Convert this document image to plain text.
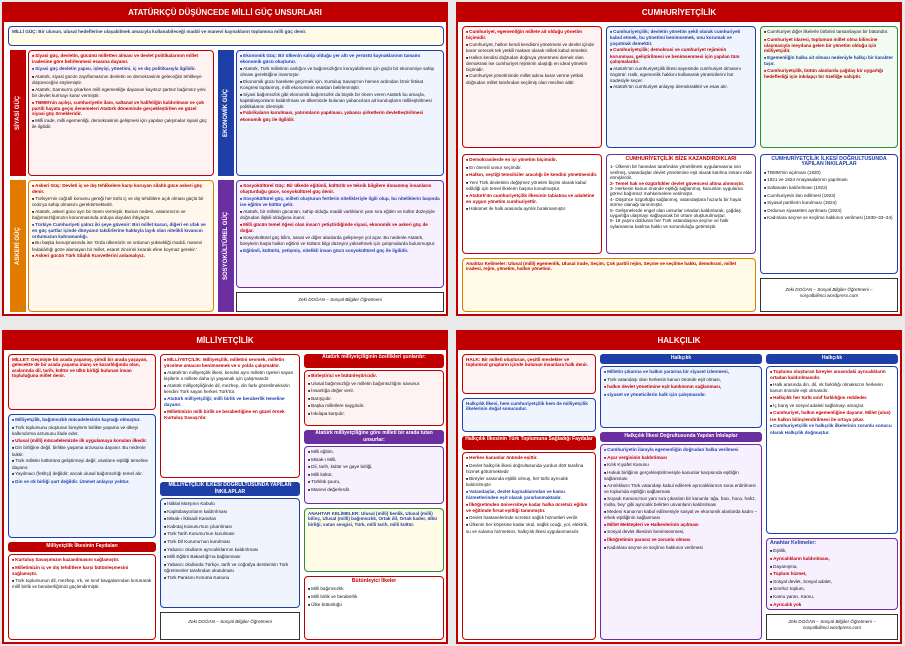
ATATÜRKÇÜ DÜŞÜNCEDE MİLLİ GÜÇ UNSURLARI
MİLLİ GÜÇ: Bir ulusun, ulusal hedeflerine ulaşabilmek amacıyla kullanabileceği maddi ve manevi kaynakların toplamına milli güç denir.
SİYASİ GÜÇ
■ Siyasi güç, devletin, gücünü milletten alması ve devlet politikalarının millet iradesine göre belirlenmesi esasına dayanır.
■ Siyasi güç devletin yapısı, işleyişi, yönetimi, iç ve dış politikasıyla ilgilidir.
■ Atatürk, siyasi gücün zayıflamasının devletin ve demokrasinin geleceğini tehlikeye düşüreceğini söylemiştir.
■ Atatürk, Samsun'a çıkarken milli egemenliğe dayanan kayıtsız şartsız bağımsız yeni bir devlet kurmayı karar vermiştir.
■ TBMM'nin açılışı, cumhuriyetin ilanı, saltanat ve halifeliğin kaldırılması ve çok partili hayata geçiş denemeleri Atatürk döneminde gerçekleştirilen en güzel siyasi güç örnekleridir.
■ Milli irade, milli egemenliği, demokrasinin gelişmesi için yapılan çalışmalar siyasi güç ile ilgilidir.	EKONOMİK GÜÇ
■ Ekonomik Güç: Bir ülkenin sahip olduğu yer altı ve yerüstü kaynaklarının tamamı ekonomik gücü oluşturur.
■ Atatürk, Türk milletinin varlığını ve bağımsızlığını koruyabilmesi için güçlü bir ekonomiye sahip olması gerektiğine inanmıştır.
■ Ekonomik gücü harekete geçirmek için, Kurtuluş Savaşı'nın hemen ardından İzmir İktisat Kongresi toplanmış, milli ekonominin esasları belirlenmiştir.
■ Siyasi bağımsızlık gibi ekonomik bağımsızlık da büyük bir önem veren Atatürk bu amaçla, kapitülasyonların kaldırılması ve ülkemizde bulunan yabancılara ait kuruluşların millileştirilmesi politikalarını izlemiştir.
■ Fabrikaların kurulması, yatırımların yapılması, yabancı şirketlerin devletleştirilmesi ekonomik güç ile ilgilidir.
ASKERİ GÜÇ
■ Askeri Güç: Devleti iç ve dış tehlikelere karşı koruyan silahlı güce askeri güç denir.
■ Türkiye'nin coğrafi konumu gereği her türlü iç ve dış tehditlere açık olması güçlü bir ordu'ya sahip olmasını gerektirmektedir.
■ Atatürk, askeri güce ayrı bir önem vermiştir. Bunun nedeni, vatanımızın ve bağımsızlığımızın korunmasında orduya duyulan ihtiyaçtır.
■ Türkiye Cumhuriyeti yalnız iki şeye güvenir: Biri millet kararı, diğeri en ufak ve en güç şartlar içinde dünyanın takdirlerine hakkıyla layık olan nitelikli kıvancın ordumuzun kahramanlığı.
■ Bu başka konuşmasında ise 'Orda ülkemizin ve ordunun yüksekliği maddi, manevi fedakârlığı göze alamayan bir millet, esaret zincirini kırarak eline koymaz gerekir.'
■ Askeri gücün Türk Silahlı Kuvvetlerini anlamalıyız.	SOSYOKÜLTÜREL GÜÇ
■ Sosyokültürel Güç: Bir ülkede eğitimli, kültürlü ve teknik bilgilere donanmış insanların oluşturduğu güce, sosyokültürel güç denir.
■ Sosyokültürel güç, milleti oluşturan fertlerin nitelikleriyle ilgili olup, bu niteliklerin başında ise eğitim ve kültür gelir.
■ Atatürk, bir milletin gücünün, sahip olduğu maddi varlıkların yanı sıra eğitim ve kültür düzeyiyle doğrudan ilişkili olduğuna inanır.
■ Milli gücün temel öğesi olan insan'ı yetiştirdiğinde siyasi, ekonomik ve askeri güç de doğar.
■ Sosyokültürel güç bilim, sanat ve diğer alanlarda gelişmeye yol açar. Bu nedenle Atatürk, bireylerin başta halkın eğitimi ve kültürü bilgi düzeyini yükseltmek için çalışmalarda bulunmuştur.
■ Eğitimli, kültürlü, yetişmiş, nitelikli insan gücü sosyokültürel güç ile ilgilidir.
Zeki DOĞAN – Sosyal Bilgiler Öğretmeni
CUMHURİYETÇİLİK
■ Cumhuriyet, egemenliğin millete ait olduğu yönetim biçimidir.
■ Cumhuriyet, halkın kendi kendisini yönetmesi ve devlet içinde karar verecek tek yetkili makam olarak milleti kabul etmektir.
■ Halkın kendisi doğrudan doğruya yönetmesi demek olan demokrasi ise cumhuriyet rejiminin ulaştığı en ideal yönetim biçimidir.
■ Cumhuriyet yönetiminde millet adına karar verme yetkisi doğrudan millet tarafından seçilmiş olan meclise aittir.
■ Cumhuriyetçilik; devletin yönetim şekli olarak cumhuriyeti kabul etmek, bu yönetimi benimsemek, onu korumak ve yaşatmak demektir.
■ Cumhuriyetçilik; demokrasi ve cumhuriyet rejiminin korunması, geliştirilmesi ve benimsenmesi için yapılan tüm çalışmalardır.
■ Atatürk'ün cumhuriyetçilik ilkesi sayesinde cumhuriyet olmasını öngörür. Halk, egemenlik hakkını kullanarak yöneticilerini hür iradesiyle seçer.
■ Atatürk'ün cumhuriyet anlayışı demokratiktir ve esas alır.
■ Cumhuriyet diğer ilkelerle birbirini tamamlayan bir bütündür.
■ Cumhuriyet idaresi, toplumun millet olma bilincine ulaşmasıyla meydana gelen bir yönetim olduğu için milliyetçidir.
■ Egemenliğin halka ait olması nedeniyle halkçı bir karakter taşır.
■ Cumhuriyetçilik, bütün alanlarda çağdaş bir uygarlığı hedeflediği için inkılapçı bir özelliğe sahiptir.
■ Demokrasilerde en iyi yönetim biçimidir.
■ En önemli unsur seçimdir.
■ Halkın, seçtiği temsilciler aracılığı ile kendini yönetmesidir.
■ Yeni Türk devletinin değişmez yönetim biçimi olarak kabul edildiği için temel ilkelerin başına konulmuştur.
■ Atatürk'ün cumhuriyetçilik ilkesinin tabiatına ve adaletine en uygun yönetim cumhuriyettir.
■ Hükümet ile halk arasında ayrılık bırakmamıştır.
CUMHURİYETÇİLİK BİZE KAZANDIRDIKLARI
1- Ülkenin bir hanedan tarafından yönetilmesi uygulamasına son verilmiş, vatandaşlar devlet yönetimine eşit olarak katılma imkanı elde etmişlerdir.
2- Temel hak ve özgürlükler devlet güvencesi altına alınmıştır.
3- Herkesin kanun önünde eşitliği sağlanmış, kanunları uygulama görevi bağımsız mahkemelere verilmiştir.
4- Düşünce özgürlüğü sağlanmış, vatandaşlara huzurlu bir hayat sürme olanağı tanınmıştır.
5- Gelişmelerde engel olan unsurlar ortadan kaldırılarak, çağdaş uygarlığa ulaşmayı sağlayacak bir ortam oluşturulmuştur.
6- 18 yaşını dolduran her Türk vatandaşına seçme ve halk oylamasına katılma hakkı ve sorumluluğu getirmiştir.
CUMHURİYETÇİLİK İLKESİ DOĞRULTUSUNDA YAPILAN İNKILAPLAR
■ TBMM'nin açılması (1920)
■ 1921 ve 1924 Anayasalarının yapılması
■ Saltanatın kaldırılması (1922)
■ Cumhuriyetin ilan edilmesi (1923)
■ Siyasal partilerin kurulması (1924)
■ Ordunun siyasetten ayrılması (1924)
■ Kadınlara seçme ve seçilme hakkının verilmesi (1930–33–34)
Anahtar Kelimeler: Ulusal (milli) egemenlik, Ulusal irade, Seçim, Çok partili rejim, Seçme ve seçilme hakkı, demokrasi, millet iradesi, rejim, yönetim, halkın yönetimi.
Zeki DOĞAN – Sosyal Bilgiler Öğretmeni – sosyalbilimci.wordpress.com
MİLLİYETÇİLİK
MİLLET: Geçmişte bir arada yaşamış, şimdi bir arada yaşayan, gelecekte de bir arada yaşama inanç ve kararlılığında olan, aralarında dil, tarih, kültür ve ülkü birliği bulunan insan topluluğuna millet denir.
■ Milliyetçilik, bağımsızlık mücadelesinin kaynağı olmuştur.
■ Türk toplumunu oluşturan bireylerin birlikte yaşama ve ülkeyi kalkındırma arzusunu ifade eder.
■ Ulusal (milli) mücadelemizde ilk uygulamaya konulan ilkedir.
■ Din birliğine değil, birlikte yaşama arzusuna dayanır. Bu nedenle laiktir.
■ Türk milletin kültürünü geliştirmeyi değil, ulusların eşitliği temeline dayanır.
■ Yayılmacı (fetihçi) değildir; ancak ulusal bağımsızlığı temel alır.
■ Din ve ırk birliği şart değildir. Ümmet anlayışı yoktur.
Milliyetçilik İlkesinin Faydaları
■ Kurtuluş Savaşımızın kazanılmasını sağlamıştır.
■ Milletimizin iç ve dış tehditlere karşı bütünleşmesini sağlamıştır.
■ Türk toplumunun dil, mezhep, ırk, ve sınıf kavgalarından korunarak millî birlik ve beraberliğimizi güçlendirmiştir.
■ MİLLİYETÇİLİK: Milliyetçilik, milletini sevmek, milletin yücelme amacını benimsemek ve o yolda çalışmaktır.
■ Atatürk'ün milliyetçilik ilkesi, kendini aynı milletin üyeleri sayan kişilerin o millete daha iyi yaşamak için çalışmasıdır.
■ Atatürk milliyetçiliğinde dil, mezhep, din farkı gözetilmeksizin kendini Türk sayan herkes Türk'tür.
■ Atatürk milliyetçiliği; milli birlik ve beraberlik temeline dayanır.
■ Milletimizin milli birlik ve beraberliğine en güzel örnek Kurtuluş Savaşı'dır.
MİLLİYETÇİLİK İLKESİ DOĞRULTUSUNDA YAPILAN İNKILAPLAR
■ İstiklal Marşının Kabulü
■ Kapitülasyonların kaldırılması
■ Misak-ı İktisadi Kararları
■ Kabotaj Kanunu'nun çıkarılması
■ Türk Tarih Kurumu'nun kurulması
■ Türk Dil Kurumu'nun kurulması
■ Yabancı okulların ayrıcalıklarının kaldırılması
■ Milli Eğitim Bakanlığı'na bağlanması
■ Yabancı okullarda Türkçe, tarih ve coğrafya derslerinin Türk öğretmenler tarafından okutulması
■ Türk Parasını Koruma Kanunu
Zeki DOĞAN – Sosyal Bilgiler Öğretmeni
Atatürk milliyetçiliğinin özellikleri şunlardır:
■ Birleştirici ve bütünleştiricidir.
■ Ulusal bağımsızlığı ve milletin bağımsızlığını savunur.
■ İnsanlığa değer verir.
■ Barışçıdır.
■ Başka milletlere saygılıdır.
■ İnkılapa karşıdır.
Atatürk milliyetçiliğine göre milleti bir arada tutan unsurlar:
■ Milli eğitim,
■ Misak-ı Milli,
■ Dil, tarih, kültür ve gaye birliği,
■ Milli kültür,
■ Türklük şuuru,
■ Manevi değerlerdir.
ANAHTAR KELİMELER: Ulusal (milli) benlik, Ulusal (milli) bilinç, Ulusal (milli) bağımsızlık, Ortak dil, Ortak kader, ülkü birliği, vatan sevgisi, Türk, milli tarih, milli kültür.
Bütünleyici İlkeler
■ Milli bağımsızlık
■ Milli birlik ve beraberlik
■ Ülke bütünlüğü
HALKÇILIK
HALK: Bir milleti oluşturan, çeşitli meslekler ve toplumsal grupların içinde bulunan insanlara halk denir.
Halkçılık İlkesi, hem cumhuriyetçilik hem de milliyetçilik ilkelerinin doğal sonucudur.
Halkçılık İlkesinin Türk Toplumuna Sağladığı Faydalar
■ Herkes kanunlar önünde eşittir.
■ Devlet halkçılık ilkesi doğrultusunda yurdun dört tarafına hizmet götürmektedir
■ Bireyler arasında eşitlik olmuş, her türlü ayrıcalık kaldırılmıştır
■ Vatandaşlar, devlet kaynaklarından ve kamu hizmetlerinden eşit olarak yararlanmaktadır.
■ İlköğretimden üniversiteye kadar halka ücretsiz eğitim ve eğitimde fırsat eşitliği tanınmıştır.
■ Devlet hastanelerinde ücretsiz sağlık hizmetleri verilir.
■ Ülkenin her köşesine kadar okul, sağlık ocağı, yol, elektrik, su ve sulama hizmetinin, halkçılık ilkesi uygulanmasıdır.
Halkçılık
■ Milletin çıkarına ve halkın yararına bir siyaset izlenmesi,
■ Türk vatandaşı olan herkesin kanun önünde eşit olması,
■ halkın devlet yönetimine eşit katılımının sağlanması,
■ siyaset ve yöneticilerin halk için çalışmasıdır.
Halkçılık İlkesi Doğrultusunda Yapılan İnkılaplar
■ Cumhuriyetin ilanıyla egemenliğin doğrudan halka verilmesi
■ Aşar vergisinin kaldırılması
■ Kılık Kıyafet Kanunu
■ Hukuk birliğinin gerçekleştirilmesiyle kanunlar karşısında eşitliğin sağlanması
■ Azınlıkların Türk vatandaşı kabul edilerek ayrıcalıklarının sona erdirilmesi ve toplumda eşitliğin sağlanması
■ Soyadı Kanunu'nun yanı sıra çıkarılan bir kanunla 'ağa, hacı, hoca, hafız, molla, bey' gibi ayrıcalık belirten unvanların kaldırılması
■ Medeni Kanun'un kabul edilmesiyle sosyal ve ekonomik alanlarda kadın – erkek eşitliğinin sağlanması
■ Millet Mektepleri ve Halkevlerinin açılması
■ Sosyal devlet ilkesinin benimsenmesi,
■ İlköğretimin parasız ve zorunlu olması
■ Kadınlara seçme ve seçilme hakkının verilmesi
Halkçılık
■ Toplumu oluşturan bireyler arasındaki ayrıcalıkların ortadan kaldırılmasıdır.
■ Halk arasında din, dil, ırk farklılığı olmaksızın herkesin kanun önünde eşit olmasıdır.
■ Halkçılık her türlü sınıf farklılığını reddeder.
■ İç barış ve sosyal adaleti sağlamayı amaçlar.
■ Cumhuriyet, halkın egemenliğine dayanır. Millet (ulus) ise halkın bilinçlendirilmesi ile ortaya çıkar.
■ Cumhuriyetçilik ve halkçılık ilkelerinin zorunlu sonucu olarak Halkçılık doğmuştur.
Anahtar Kelimeler:
■ Eşitlik,
■ Ayrıcalıkların kaldırılması,
■ Dayanışma,
■ Toplum hizmet,
■ Sosyal devlet, Sosyal adalet,
■ Sınıfsız toplum,
■ Kamu yararı, Kamu,
■ Ayrıcalık yok
Zeki DOĞAN – Sosyal Bilgiler Öğretmeni – sosyalbilimci.wordpress.com
